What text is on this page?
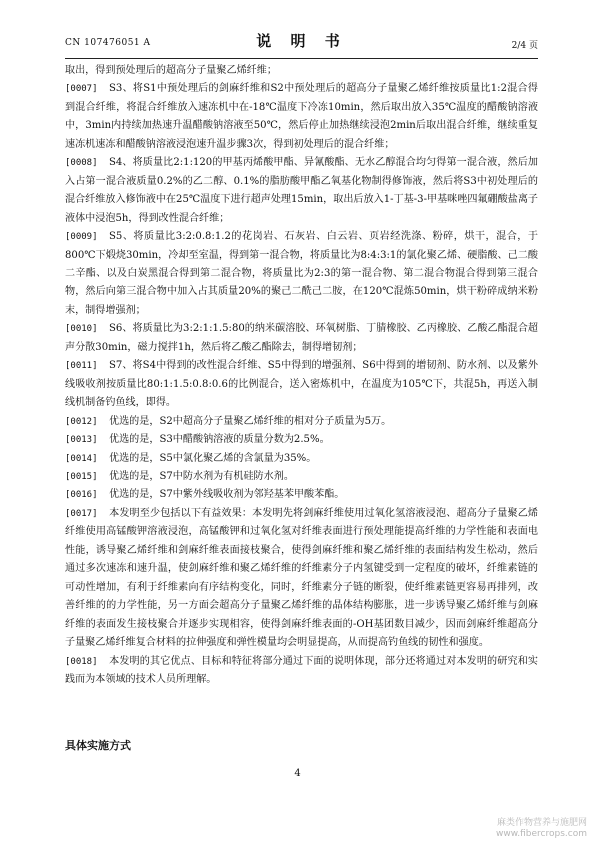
CN 107476051 A	说 明 书	2/4 页

取出，得到预处理后的超高分子量聚乙烯纤维；

[0007] S3、将S1中预处理后的剑麻纤维和S2中预处理后的超高分子量聚乙烯纤维按质量比1:2混合得到混合纤维，将混合纤维放入速冻机中在-18℃温度下冷冻10min，然后取出放入35℃温度的醋酸钠溶液中，3min内持续加热速升温醋酸钠溶液至50℃，然后停止加热继续浸泡2min后取出混合纤维，继续重复速冻机速冻和醋酸钠溶液浸泡速升温步骤3次，得到初处理后的混合纤维；

[0008] S4、将质量比2:1:120的甲基丙烯酸甲酯、异氰酸酯、无水乙醇混合均匀得第一混合液，然后加入占第一混合液质量0.2%的乙二醇、0.1%的脂肪酸甲酯乙氧基化物制得修饰液，然后将S3中初处理后的混合纤维放入修饰液中在25℃温度下进行超声处理15min，取出后放入1-丁基-3-甲基咪唑四氟硼酸盐离子液体中浸泡5h，得到改性混合纤维；

[0009] S5、将质量比3:2:0.8:1.2的花岗岩、石灰岩、白云岩、页岩经洗涤、粉碎，烘干，混合，于800℃下煅烧30min，冷却至室温，得到第一混合物，将质量比为8:4:3:1的氯化聚乙烯、硬脂酸、己二酸二辛酯、以及白炭黑混合得到第二混合物，将质量比为2:3的第一混合物、第二混合物混合得到第三混合物，然后向第三混合物中加入占其质量20%的聚己二酰己二胺，在120℃混炼50min，烘干粉碎成纳米粉末，制得增强剂；

[0010] S6、将质量比为3:2:1:1.5:80的纳米碳溶胶、环氧树脂、丁腈橡胶、乙丙橡胶、乙酸乙酯混合超声分散30min，磁力搅拌1h，然后将乙酸乙酯除去，制得增韧剂；

[0011] S7、将S4中得到的改性混合纤维、S5中得到的增强剂、S6中得到的增韧剂、防水剂、以及紫外线吸收剂按质量比80:1:1.5:0.8:0.6的比例混合，送入密炼机中，在温度为105℃下，共混5h，再送入制线机制备钓鱼线，即得。

[0012] 优选的是，S2中超高分子量聚乙烯纤维的相对分子质量为5万。

[0013] 优选的是，S3中醋酸钠溶液的质量分数为2.5%。

[0014] 优选的是，S5中氯化聚乙烯的含氯量为35%。

[0015] 优选的是，S7中防水剂为有机硅防水剂。

[0016] 优选的是，S7中紫外线吸收剂为邻羟基苯甲酸苯酯。

[0017] 本发明至少包括以下有益效果：本发明先将剑麻纤维使用过氧化氢溶液浸泡、超高分子量聚乙烯纤维使用高锰酸钾溶液浸泡，高锰酸钾和过氧化氢对纤维表面进行预处理能提高纤维的力学性能和表面电性能，诱导聚乙烯纤维和剑麻纤维表面接枝聚合，使得剑麻纤维和聚乙烯纤维的表面结构发生松动，然后通过多次速冻和速升温，使剑麻纤维和聚乙烯纤维的纤维素分子内氢键受到一定程度的破坏，纤维素链的可动性增加，有利于纤维素向有序结构变化，同时，纤维素分子链的断裂，使纤维素链更容易再排列，改善纤维的的力学性能，另一方面会超高分子量聚乙烯纤维的晶体结构膨胀，进一步诱导聚乙烯纤维与剑麻纤维的表面发生接枝聚合并逐步实现相容，使得剑麻纤维表面的-OH基团数目减少，因而剑麻纤维超高分子量聚乙烯纤维复合材料的拉伸强度和弹性模量均会明显提高，从而提高钓鱼线的韧性和强度。

[0018] 本发明的其它优点、目标和特征将部分通过下面的说明体现，部分还将通过对本发明的研究和实践而为本领域的技术人员所理解。

具体实施方式
4
麻类作物营养与施肥网
www.fibercrops.com
